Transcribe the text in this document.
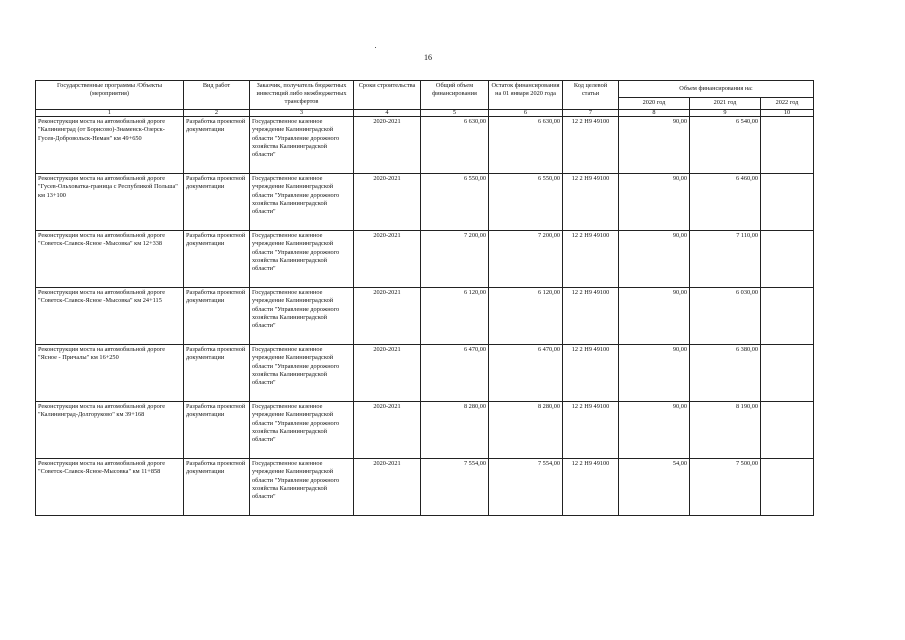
16
Государственные программы /Объекты (мероприятия)	Вид работ	Заказчик, получатель бюджетных инвестиций либо межбюджетных трансфертов	Сроки строительства	Общий объем финансирования	Остаток финансирования на 01 января 2020 года	Код целевой статьи	Объем финансирования на:		
							2020 год	2021 год	2022 год
1	2	3	4	5	6	7	8	9	10
Реконструкция моста на автомобильной дороге "Калининград (от Борисово)-Знаменск-Озерск-Гусев-Добровольск-Неман" км 49+650	Разработка проектной документации	Государственное казенное учреждение Калининградской области "Управление дорожного хозяйства Калининградской области"	2020-2021	6 630,00	6 630,00	12 2 Н9 49100	90,00	6 540,00	
Реконструкция моста на автомобильной дороге "Гусев-Ольховатка-граница с Республикой Польша" км 13+100	Разработка проектной документации	Государственное казенное учреждение Калининградской области "Управление дорожного хозяйства Калининградской области"	2020-2021	6 550,00	6 550,00	12 2 Н9 49100	90,00	6 460,00	
Реконструкция моста на автомобильной дороге "Советск-Славск-Ясное -Мысовка" км 12+338	Разработка проектной документации	Государственное казенное учреждение Калининградской области "Управление дорожного хозяйства Калининградской области"	2020-2021	7 200,00	7 200,00	12 2 Н9 49100	90,00	7 110,00	
Реконструкция моста на автомобильной дороге "Советск-Славск-Ясное -Мысовка" км 24+115	Разработка проектной документации	Государственное казенное учреждение Калининградской области "Управление дорожного хозяйства Калининградской области"	2020-2021	6 120,00	6 120,00	12 2 Н9 49100	90,00	6 030,00	
Реконструкция моста на автомобильной дороге "Ясное - Причалы" км 16+250	Разработка проектной документации	Государственное казенное учреждение Калининградской области "Управление дорожного хозяйства Калининградской области"	2020-2021	6 470,00	6 470,00	12 2 Н9 49100	90,00	6 380,00	
Реконструкция моста на автомобильной дороге "Калининград-Долгоруково" км 39+168	Разработка проектной документации	Государственное казенное учреждение Калининградской области "Управление дорожного хозяйства Калининградской области"	2020-2021	8 280,00	8 280,00	12 2 Н9 49100	90,00	8 190,00	
Реконструкция моста на автомобильной дороге "Советск-Славск-Ясное-Мысовка" км 11+858	Разработка проектной документации	Государственное казенное учреждение Калининградской области "Управление дорожного хозяйства Калининградской области"	2020-2021	7 554,00	7 554,00	12 2 Н9 49100	54,00	7 500,00	
